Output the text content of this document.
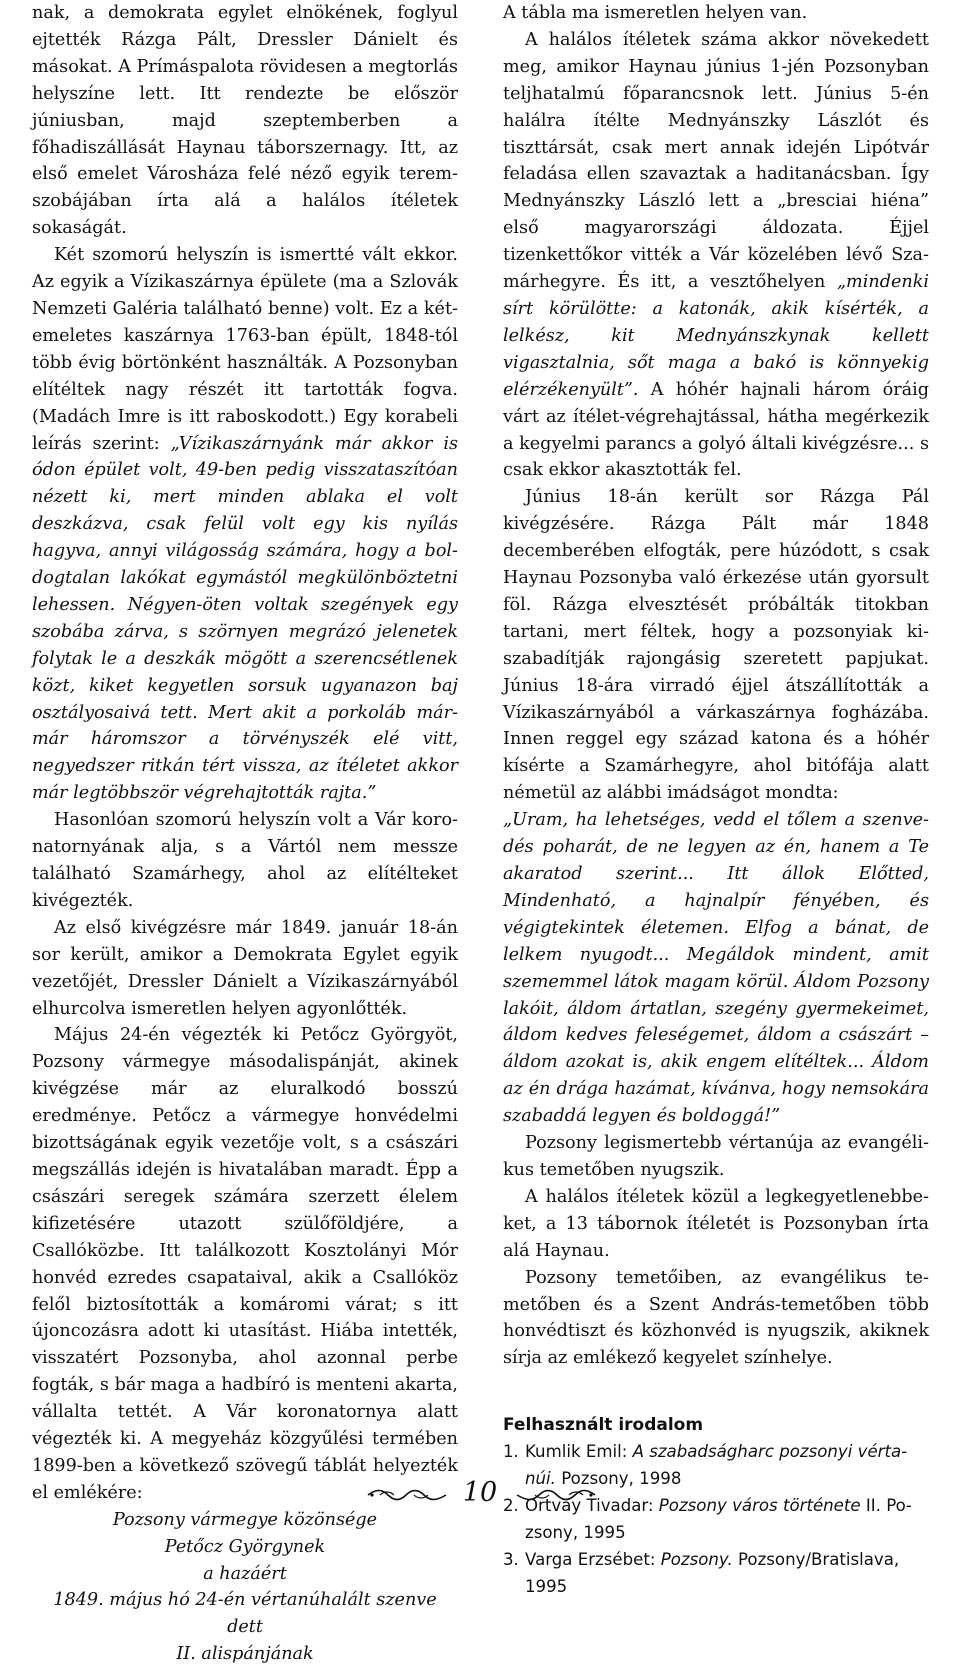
nak, a demokrata egylet elnökének, foglyul ejtették Rázga Pált, Dressler Dánielt és másokat. A Prímáspalota rövidesen a megtorlás helyszíne lett. Itt rendezte be először júniusban, majd szeptemberben a főhadiszállását Haynau táborszernagy. Itt, az első emelet Városháza felé néző egyik teremszobájában írta alá a halálos ítéletek sokaságát.

Két szomorú helyszín is ismertté vált ekkor. Az egyik a Vízikaszárnya épülete (ma a Szlovák Nemzeti Galéria található benne) volt. Ez a kétemeletes kaszárnya 1763-ban épült, 1848-tól több évig börtönként használták. A Pozsonyban elítéltek nagy részét itt tartották fogva. (Madách Imre is itt raboskodott.) Egy korabeli leírás szerint: „Vízikaszárnyánk már akkor is ódon épület volt, 49-ben pedig visszataszítóan nézett ki, mert minden ablaka el volt deszkázva, csak felül volt egy kis nyílás hagyva, annyi világosság számára, hogy a boldogtalan lakókat egymástól megkülönböztetni lehessen. Négyen-öten voltak szegények egy szobába zárva, s szörnyen megrázó jelenetek folytak le a deszkák mögött a szerencsétlenek közt, kiket kegyetlen sorsuk ugyanazon baj osztályosaivá tett. Mert akit a porkoláb már-már háromszor a törvényszék elé vitt, negyedszer ritkán tért vissza, az ítéletet akkor már legtöbbször végrehajtották rajta.”

Hasonlóan szomorú helyszín volt a Vár koronatornyának alja, s a Vártól nem messze található Szamárhegy, ahol az elítélteket kivégezték.

Az első kivégzésre már 1849. január 18-án sor került, amikor a Demokrata Egylet egyik vezetőjét, Dressler Dánielt a Vízikaszárnyából elhurcolva ismeretlen helyen agyonlőtték.

Május 24-én végezték ki Petőcz Györgyöt, Pozsony vármegye másodalispánját, akinek kivégzése már az eluralkodó bosszú eredménye. Petőcz a vármegye honvédelmi bizottságának egyik vezetője volt, s a császári megszállás idején is hivatalában maradt. Épp a császári seregek számára szerzett élelem kifizetésére utazott szülőföldjére, a Csallóközbe. Itt találkozott Kosztolányi Mór honvéd ezredes csapataival, akik a Csallóköz felől biztosították a komáromi várat; s itt újoncozásra adott ki utasítást. Hiába intették, visszatért Pozsonyba, ahol azonnal perbe fogták, s bár maga a hadbíró is menteni akarta, vállalta tettét. A Vár koronatornya alatt végezték ki. A megyeház közgyűlési termében 1899-ben a következő szövegű táblát helyezték el emlékére:

Pozsony vármegye közönsége

Petőcz Györgynek

a hazáért

1849. május hó 24-én vértanúhalált szenve

dett

II. alispánjának

A tábla ma ismeretlen helyen van.

A halálos ítéletek száma akkor növekedett meg, amikor Haynau június 1-jén Pozsonyban teljhatalmú főparancsnok lett. Június 5-én halálra ítélte Mednyánszky Lászlót és tiszttársát, csak mert annak idején Lipótvár feladása ellen szavaztak a haditanácsban. Így Mednyánszky László lett a „bresciai hiéna” első magyarországi áldozata. Éjjel tizenkettőkor vitték a Vár közelében lévő Szamárhegyre. És itt, a vesztőhelyen „mindenki sírt körülötte: a katonák, akik kísérték, a lelkész, kit Mednyánszkynak kellett vigasztalnia, sőt maga a bakó is könnyekig elérzékenyült”. A hóhér hajnali három óráig várt az ítélet-végrehajtással, hátha megérkezik a kegyelmi parancs a golyó általi kivégzésre... s csak ekkor akasztották fel.

Június 18-án került sor Rázga Pál kivégzésére. Rázga Pált már 1848 decemberében elfogták, pere húzódott, s csak Haynau Pozsonyba való érkezése után gyorsult föl. Rázga elvesztését próbálták titokban tartani, mert féltek, hogy a pozsonyiak kiszabadítják rajongásig szeretett papjukat. Június 18-ára virradó éjjel átszállították a Vízikaszárnyából a várkaszárnya fogházába. Innen reggel egy század katona és a hóhér kísérte a Szamárhegyre, ahol bitófája alatt németül az alábbi imádságot mondta:

„Uram, ha lehetséges, vedd el tőlem a szenvedés poharát, de ne legyen az én, hanem a Te akaratod szerint... Itt állok Előtted, Mindenható, a hajnalpír fényében, és végigtekintek életemen. Elfog a bánat, de lelkem nyugodt... Megáldok mindent, amit szememmel látok magam körül. Áldom Pozsony lakóit, áldom ártatlan, szegény gyermekeimet, áldom kedves feleségemet, áldom a császárt – áldom azokat is, akik engem elítéltek... Áldom az én drága hazámat, kívánva, hogy nemsokára szabaddá legyen és boldoggá!”

Pozsony legismertebb vértanúja az evangélikus temetőben nyugszik.

A halálos ítéletek közül a legkegyetlenebbeket, a 13 tábornok ítéletét is Pozsonyban írta alá Haynau.

Pozsony temetőiben, az evangélikus temetőben és a Szent András-temetőben több honvédtiszt és közhonvéd is nyugszik, akiknek sírja az emlékező kegyelet színhelye.

Felhasznált irodalom
1. Kumlik Emil: A szabadságharc pozsonyi vértanúi. Pozsony, 1998
2. Ortvay Tivadar: Pozsony város története II. Pozsony, 1995
3. Varga Erzsébet: Pozsony. Pozsony/Bratislava, 1995
10
